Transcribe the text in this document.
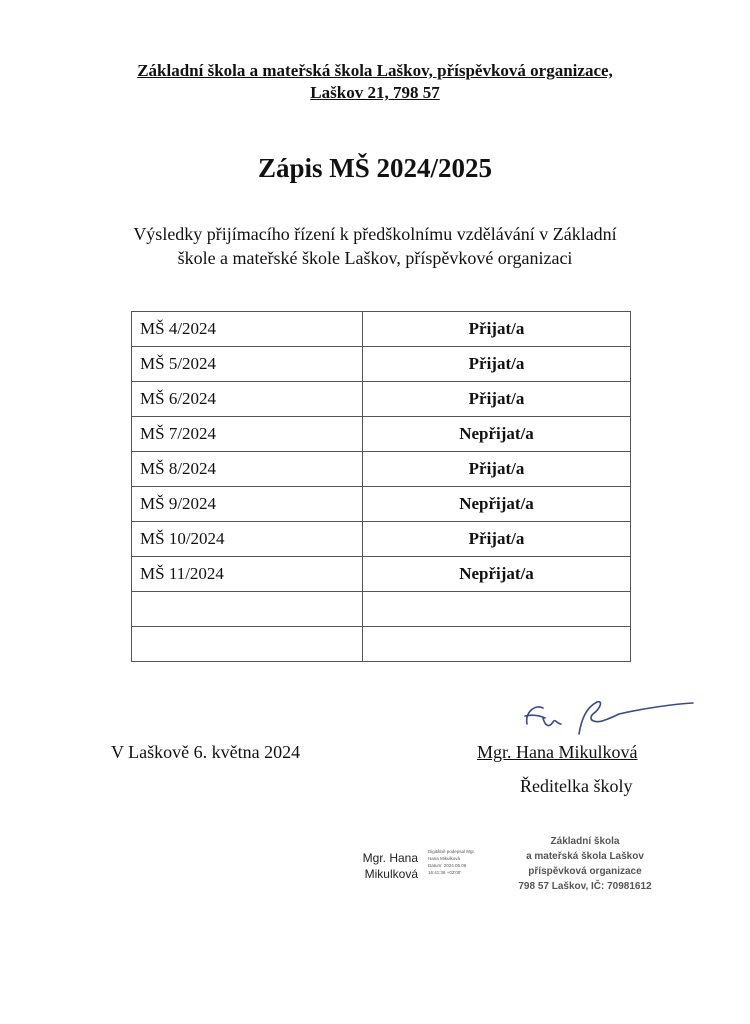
Základní škola a mateřská škola Laškov, příspěvková organizace,
Laškov 21, 798 57
Zápis MŠ 2024/2025
Výsledky přijímacího řízení k předškolnímu vzdělávání v Základní
škole a mateřské škole Laškov, příspěvkové organizaci
MŠ 4/2024	Přijat/a
MŠ 5/2024	Přijat/a
MŠ 6/2024	Přijat/a
MŠ 7/2024	Nepřijat/a
MŠ 8/2024	Přijat/a
MŠ 9/2024	Nepřijat/a
MŠ 10/2024	Přijat/a
MŠ 11/2024	Nepřijat/a

V Laškově 6. května 2024	Mgr. Hana Mikulková
Ředitelka školy
Mgr. Hana
Mikulková
Digitálně podepsal Mgr.
Hana Mikulková
Datum: 2024.05.06
16:41:36 +02'00'
Základní škola
a mateřská škola Laškov
příspěvková organizace
798 57 Laškov, IČ: 70981612
